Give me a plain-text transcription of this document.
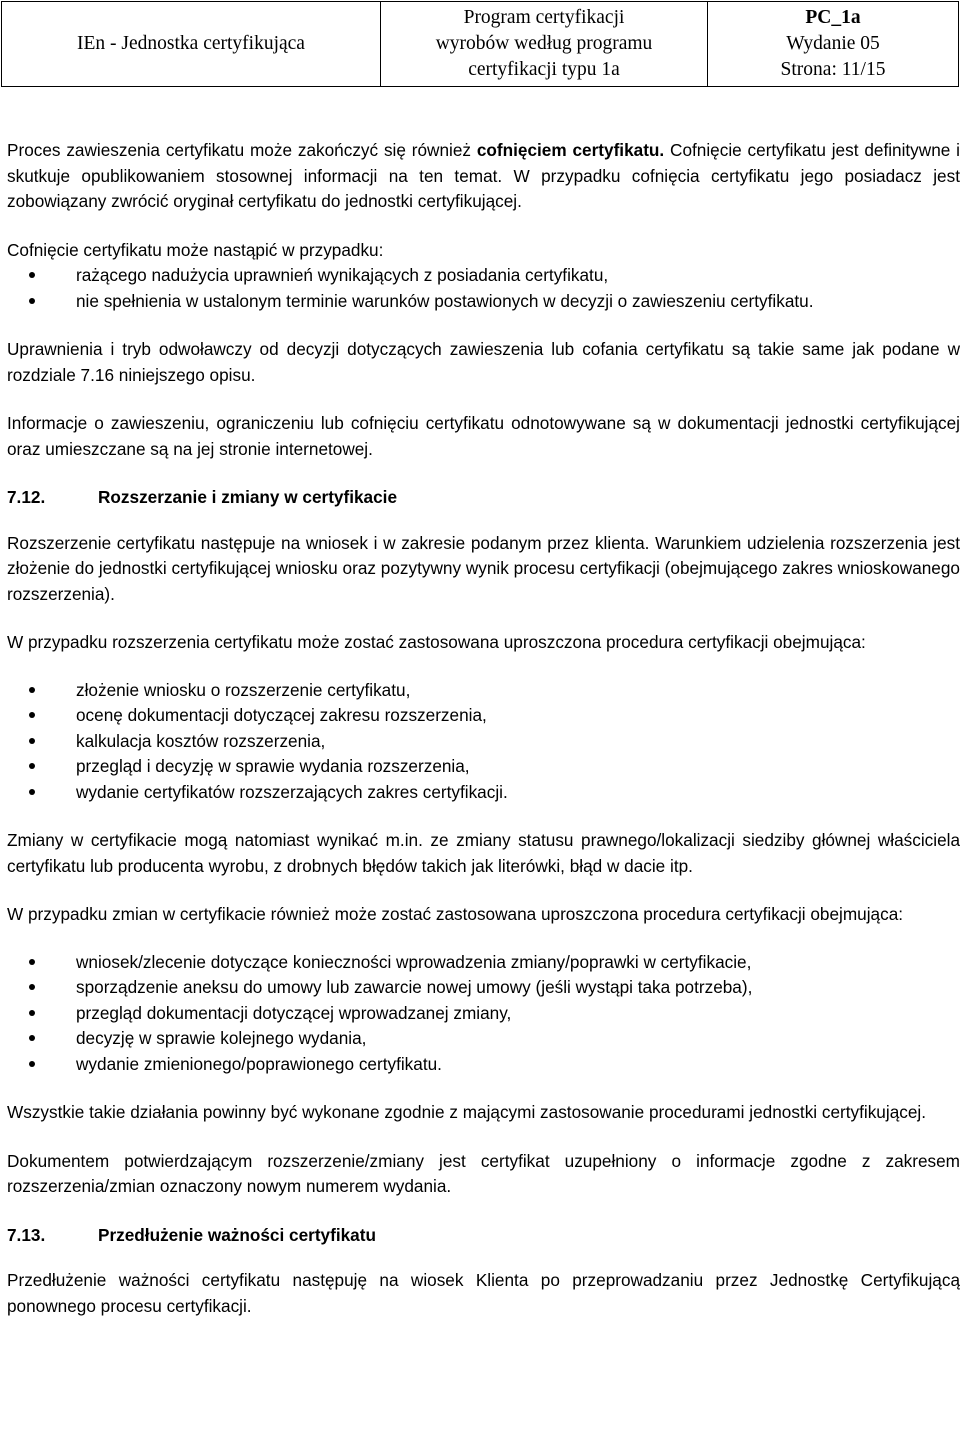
IEn - Jednostka certyfikująca	
Program certyfikacji
wyrobów według programu
certyfikacji typu 1a

PC_1a
Wydanie 05
Strona: 11/15

Proces zawieszenia certyfikatu może zakończyć się również cofnięciem certyfikatu. Cofnięcie certyfikatu jest definitywne i skutkuje opublikowaniem stosownej informacji na ten temat. W przypadku cofnięcia certyfikatu jego posiadacz jest zobowiązany zwrócić oryginał certyfikatu do jednostki certyfikującej.

Cofnięcie certyfikatu może nastąpić w przypadku:

rażącego nadużycia uprawnień wynikających z posiadania certyfikatu,
nie spełnienia w ustalonym terminie warunków postawionych w decyzji o zawieszeniu certyfikatu.

Uprawnienia i tryb odwoławczy od decyzji dotyczących zawieszenia lub cofania certyfikatu są takie same jak podane w rozdziale 7.16 niniejszego opisu.

Informacje o zawieszeniu, ograniczeniu lub cofnięciu certyfikatu odnotowywane są w dokumentacji jednostki certyfikującej oraz umieszczane są na jej stronie internetowej.

7.12.	Rozszerzanie i zmiany w certyfikacie

Rozszerzenie certyfikatu następuje na wniosek i w zakresie podanym przez klienta. Warunkiem udzielenia rozszerzenia jest złożenie do jednostki certyfikującej wniosku oraz pozytywny wynik procesu certyfikacji (obejmującego zakres wnioskowanego rozszerzenia).

W przypadku rozszerzenia certyfikatu może zostać zastosowana uproszczona procedura certyfikacji obejmująca:

złożenie wniosku o rozszerzenie certyfikatu,
ocenę dokumentacji dotyczącej zakresu rozszerzenia,
kalkulacja kosztów rozszerzenia,
przegląd i decyzję w sprawie wydania rozszerzenia,
wydanie certyfikatów rozszerzających zakres certyfikacji.

Zmiany w certyfikacie mogą natomiast wynikać m.in. ze zmiany statusu prawnego/lokalizacji siedziby głównej właściciela certyfikatu lub producenta wyrobu, z drobnych błędów takich jak literówki, błąd w dacie itp.

W przypadku zmian w certyfikacie również może zostać zastosowana uproszczona procedura certyfikacji obejmująca:

wniosek/zlecenie dotyczące konieczności wprowadzenia zmiany/poprawki w certyfikacie,
sporządzenie aneksu do umowy lub zawarcie nowej umowy (jeśli wystąpi taka potrzeba),
przegląd dokumentacji dotyczącej wprowadzanej zmiany,
decyzję w sprawie kolejnego wydania,
wydanie zmienionego/poprawionego certyfikatu.

Wszystkie takie działania powinny być wykonane zgodnie z mającymi zastosowanie procedurami jednostki certyfikującej.

Dokumentem potwierdzającym rozszerzenie/zmiany jest certyfikat uzupełniony o informacje zgodne z zakresem rozszerzenia/zmian oznaczony nowym numerem wydania.

7.13.	Przedłużenie ważności certyfikatu

Przedłużenie ważności certyfikatu następuję na wiosek Klienta po przeprowadzaniu przez Jednostkę Certyfikującą ponownego procesu certyfikacji.
